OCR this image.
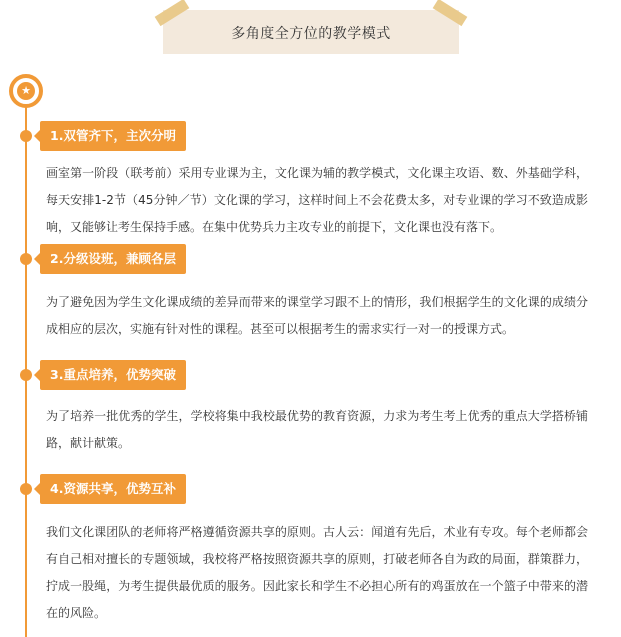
多角度全方位的教学模式
★
1.双管齐下，主次分明

画室第一阶段（联考前）采用专业课为主，文化课为辅的教学模式，文化课主攻语、数、外基础学科，每天安排1-2节（45分钟／节）文化课的学习，这样时间上不会花费太多，对专业课的学习不致造成影响，又能够让考生保持手感。在集中优势兵力主攻专业的前提下，文化课也没有落下。

2.分级设班，兼顾各层

为了避免因为学生文化课成绩的差异而带来的课堂学习跟不上的情形，我们根据学生的文化课的成绩分成相应的层次，实施有针对性的课程。甚至可以根据考生的需求实行一对一的授课方式。

3.重点培养，优势突破

为了培养一批优秀的学生，学校将集中我校最优势的教育资源，力求为考生考上优秀的重点大学搭桥铺路，献计献策。

4.资源共享，优势互补

我们文化课团队的老师将严格遵循资源共享的原则。古人云：闻道有先后，术业有专攻。每个老师都会有自己相对擅长的专题领域，我校将严格按照资源共享的原则，打破老师各自为政的局面，群策群力，拧成一股绳，为考生提供最优质的服务。因此家长和学生不必担心所有的鸡蛋放在一个篮子中带来的潜在的风险。
